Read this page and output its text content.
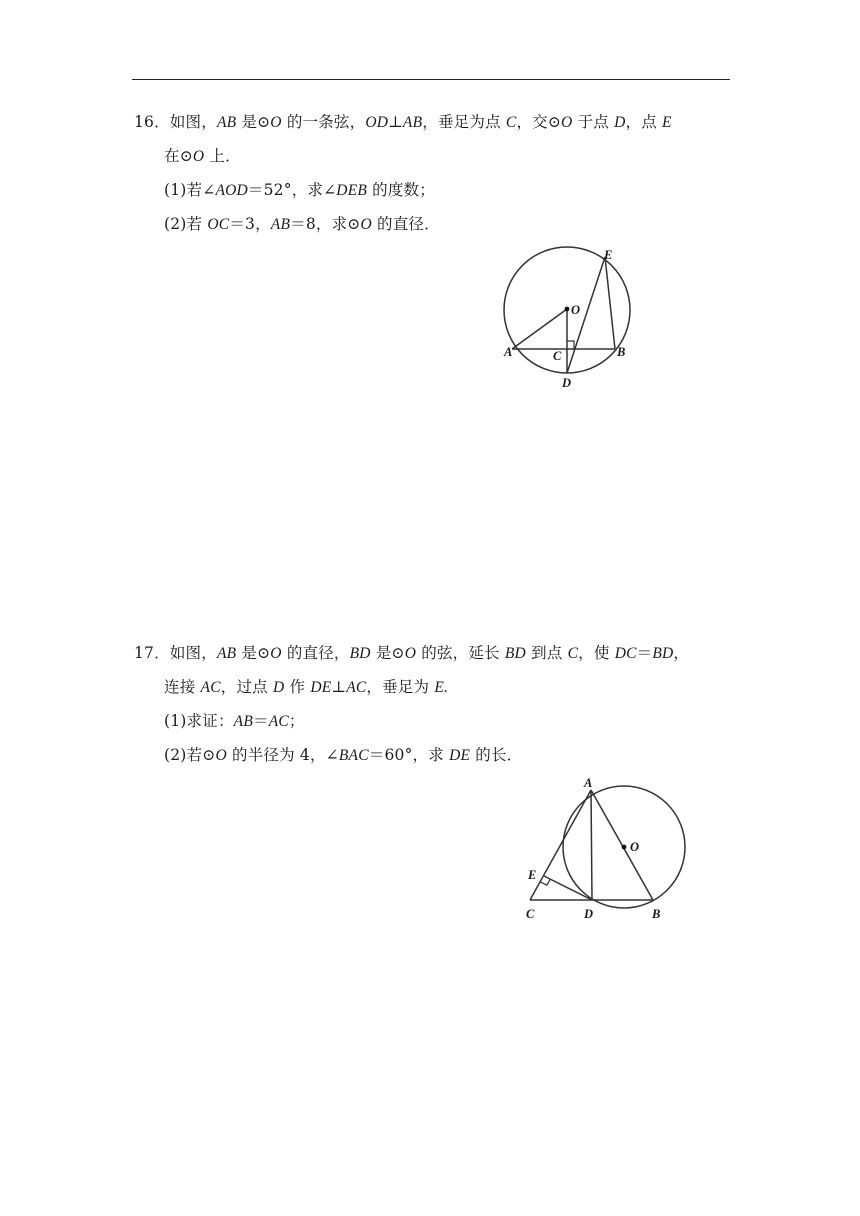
16．如图，AB 是⊙O 的一条弦，OD⊥AB，垂足为点 C，交⊙O 于点 D，点 E
在⊙O 上．
(1)若∠AOD＝52°，求∠DEB 的度数；
(2)若 OC＝3，AB＝8，求⊙O 的直径．
E
O
A	C	B
D
17．如图，AB 是⊙O 的直径，BD 是⊙O 的弦，延长 BD 到点 C，使 DC＝BD，
连接 AC，过点 D 作 DE⊥AC，垂足为 E.
(1)求证：AB＝AC；
(2)若⊙O 的半径为 4，∠BAC＝60°，求 DE 的长．
A
O
E
C	D	B
